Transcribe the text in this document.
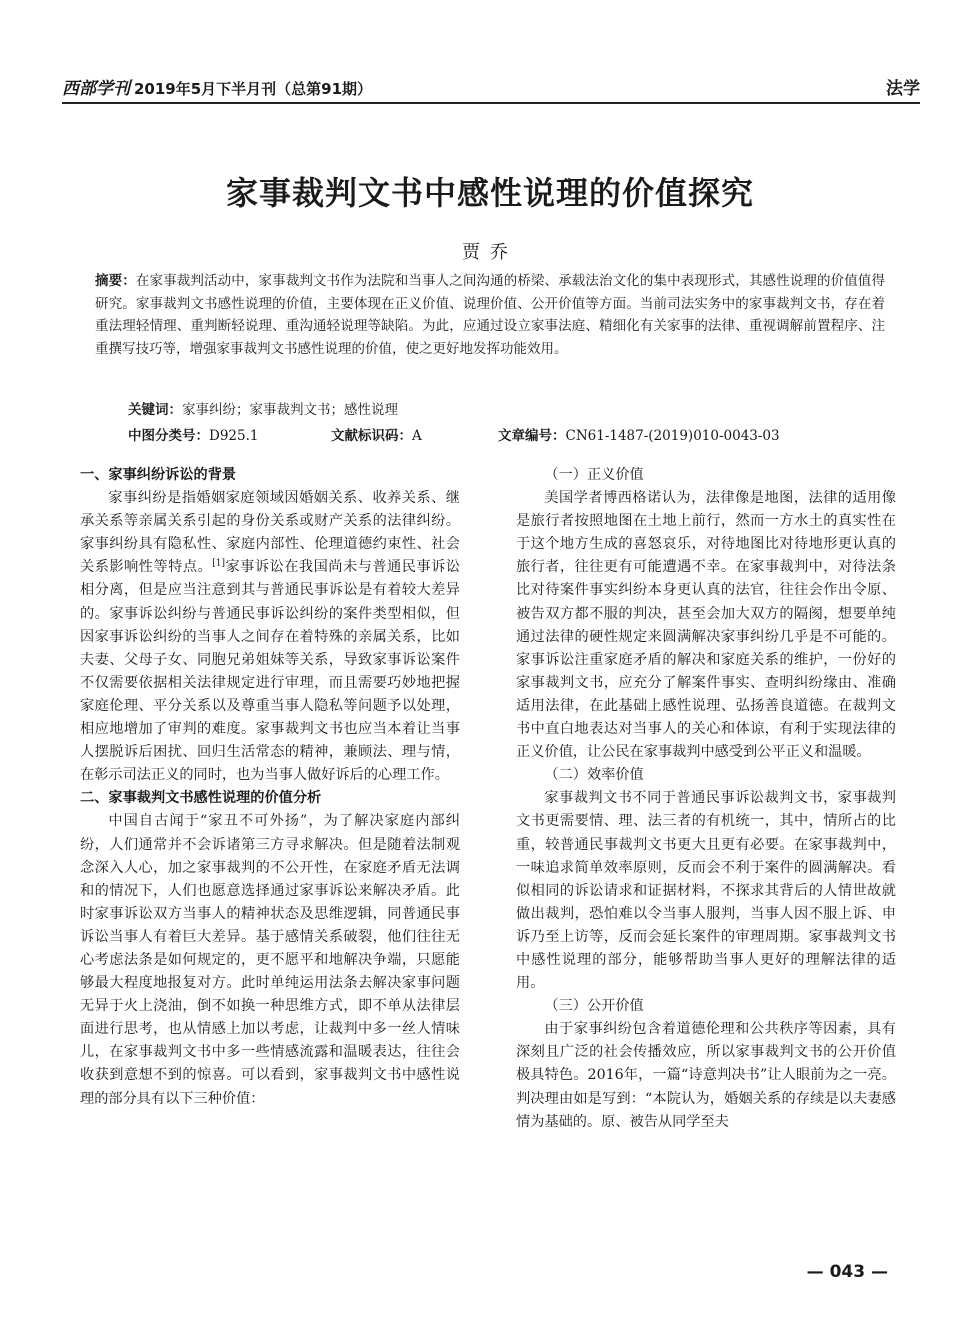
西部学刊 2019年5月下半月刊（总第91期）	法学
家事裁判文书中感性说理的价值探究
贾乔
摘要：在家事裁判活动中，家事裁判文书作为法院和当事人之间沟通的桥梁、承载法治文化的集中表现形式，其感性说理的价值值得研究。家事裁判文书感性说理的价值，主要体现在正义价值、说理价值、公开价值等方面。当前司法实务中的家事裁判文书，存在着重法理轻情理、重判断轻说理、重沟通轻说理等缺陷。为此，应通过设立家事法庭、精细化有关家事的法律、重视调解前置程序、注重撰写技巧等，增强家事裁判文书感性说理的价值，使之更好地发挥功能效用。
关键词：家事纠纷；家事裁判文书；感性说理
中图分类号：D925.1	文献标识码：A	文章编号：CN61-1487-(2019)010-0043-03
一、家事纠纷诉讼的背景

家事纠纷是指婚姻家庭领域因婚姻关系、收养关系、继承关系等亲属关系引起的身份关系或财产关系的法律纠纷。家事纠纷具有隐私性、家庭内部性、伦理道德约束性、社会关系影响性等特点。[1]家事诉讼在我国尚未与普通民事诉讼相分离，但是应当注意到其与普通民事诉讼是有着较大差异的。家事诉讼纠纷与普通民事诉讼纠纷的案件类型相似，但因家事诉讼纠纷的当事人之间存在着特殊的亲属关系，比如夫妻、父母子女、同胞兄弟姐妹等关系，导致家事诉讼案件不仅需要依据相关法律规定进行审理，而且需要巧妙地把握家庭伦理、平分关系以及尊重当事人隐私等问题予以处理，相应地增加了审判的难度。家事裁判文书也应当本着让当事人摆脱诉后困扰、回归生活常态的精神，兼顾法、理与情，在彰示司法正义的同时，也为当事人做好诉后的心理工作。

二、家事裁判文书感性说理的价值分析

中国自古闻于“家丑不可外扬”，为了解决家庭内部纠纷，人们通常并不会诉诸第三方寻求解决。但是随着法制观念深入人心，加之家事裁判的不公开性，在家庭矛盾无法调和的情况下，人们也愿意选择通过家事诉讼来解决矛盾。此时家事诉讼双方当事人的精神状态及思维逻辑，同普通民事诉讼当事人有着巨大差异。基于感情关系破裂，他们往往无心考虑法条是如何规定的，更不愿平和地解决争端，只愿能够最大程度地报复对方。此时单纯运用法条去解决家事问题无异于火上浇油，倒不如换一种思维方式，即不单从法律层面进行思考，也从情感上加以考虑，让裁判中多一丝人情味儿，在家事裁判文书中多一些情感流露和温暖表达，往往会收获到意想不到的惊喜。可以看到，家事裁判文书中感性说理的部分具有以下三种价值：

（一）正义价值

美国学者博西格诺认为，法律像是地图，法律的适用像是旅行者按照地图在土地上前行，然而一方水土的真实性在于这个地方生成的喜怒哀乐，对待地图比对待地形更认真的旅行者，往往更有可能遭遇不幸。在家事裁判中，对待法条比对待案件事实纠纷本身更认真的法官，往往会作出令原、被告双方都不服的判决，甚至会加大双方的隔阂，想要单纯通过法律的硬性规定来圆满解决家事纠纷几乎是不可能的。家事诉讼注重家庭矛盾的解决和家庭关系的维护，一份好的家事裁判文书，应充分了解案件事实、查明纠纷缘由、准确适用法律，在此基础上感性说理、弘扬善良道德。在裁判文书中直白地表达对当事人的关心和体谅，有利于实现法律的正义价值，让公民在家事裁判中感受到公平正义和温暖。

（二）效率价值

家事裁判文书不同于普通民事诉讼裁判文书，家事裁判文书更需要情、理、法三者的有机统一，其中，情所占的比重，较普通民事裁判文书更大且更有必要。在家事裁判中，一味追求简单效率原则，反而会不利于案件的圆满解决。看似相同的诉讼请求和证据材料，不探求其背后的人情世故就做出裁判，恐怕难以令当事人服判，当事人因不服上诉、申诉乃至上访等，反而会延长案件的审理周期。家事裁判文书中感性说理的部分，能够帮助当事人更好的理解法律的适用。

（三）公开价值

由于家事纠纷包含着道德伦理和公共秩序等因素，具有深刻且广泛的社会传播效应，所以家事裁判文书的公开价值极具特色。2016年，一篇“诗意判决书”让人眼前为之一亮。判决理由如是写到：“本院认为，婚姻关系的存续是以夫妻感情为基础的。原、被告从同学至夫

— 043 —
